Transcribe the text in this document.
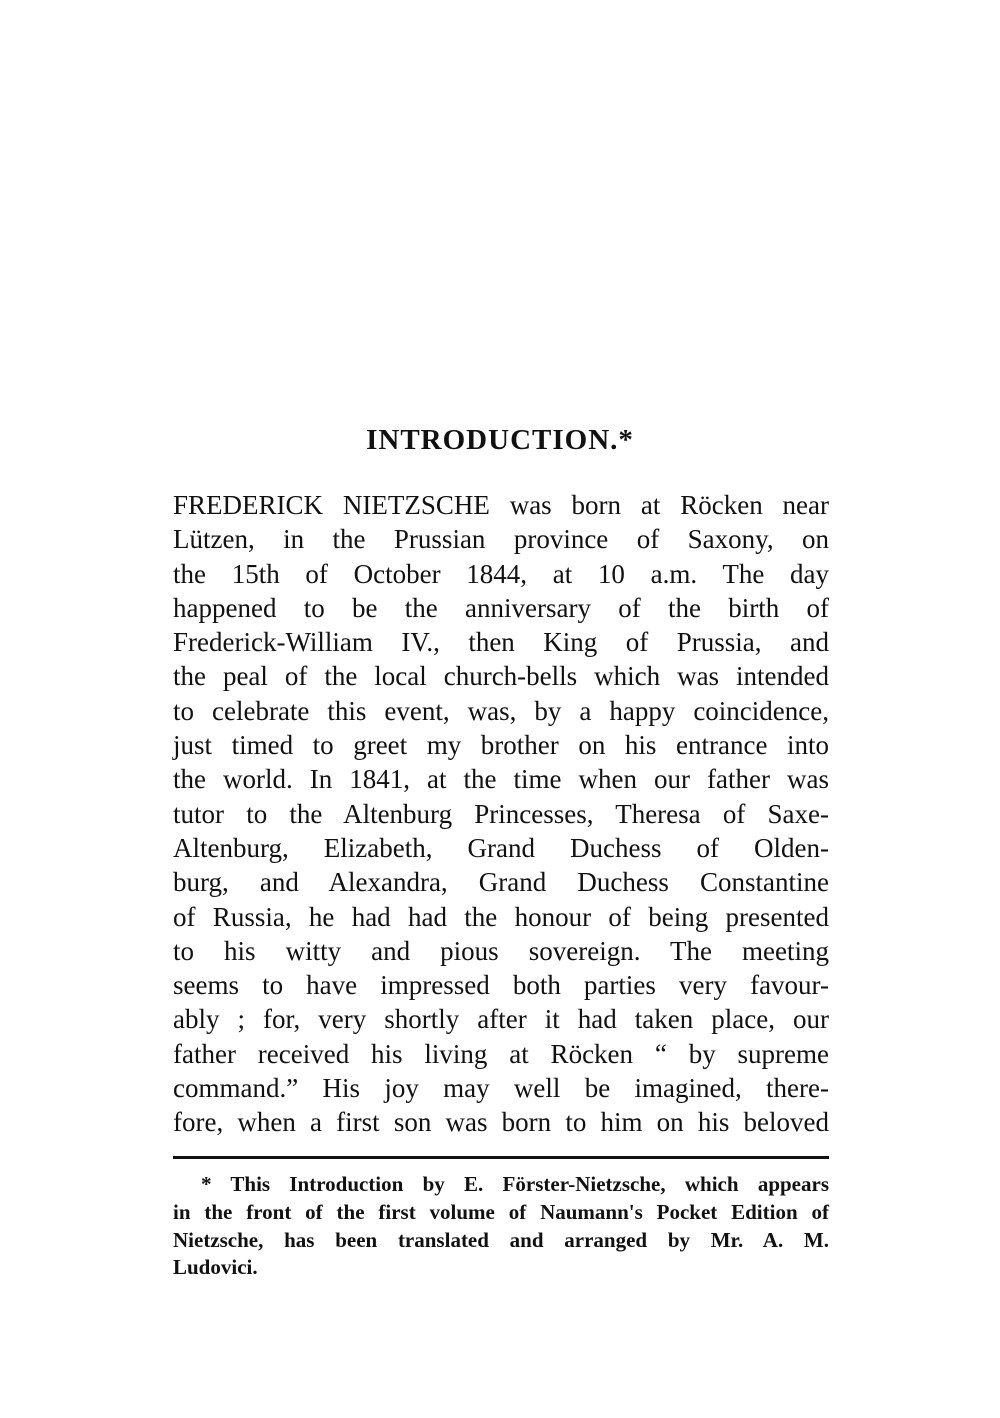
INTRODUCTION.*
FREDERICK NIETZSCHE was born at Röcken near
Lützen, in the Prussian province of Saxony, on
the 15th of October 1844, at 10 a.m. The day
happened to be the anniversary of the birth of
Frederick-William IV., then King of Prussia, and
the peal of the local church-bells which was intended
to celebrate this event, was, by a happy coincidence,
just timed to greet my brother on his entrance into
the world. In 1841, at the time when our father was
tutor to the Altenburg Princesses, Theresa of Saxe-
Altenburg, Elizabeth, Grand Duchess of Olden-
burg, and Alexandra, Grand Duchess Constantine
of Russia, he had had the honour of being presented
to his witty and pious sovereign. The meeting
seems to have impressed both parties very favour-
ably ; for, very shortly after it had taken place, our
father received his living at Röcken “ by supreme
command.” His joy may well be imagined, there-
fore, when a first son was born to him on his beloved
* This Introduction by E. Förster-Nietzsche, which appears
in the front of the first volume of Naumann's Pocket Edition of
Nietzsche, has been translated and arranged by Mr. A. M.
Ludovici.
